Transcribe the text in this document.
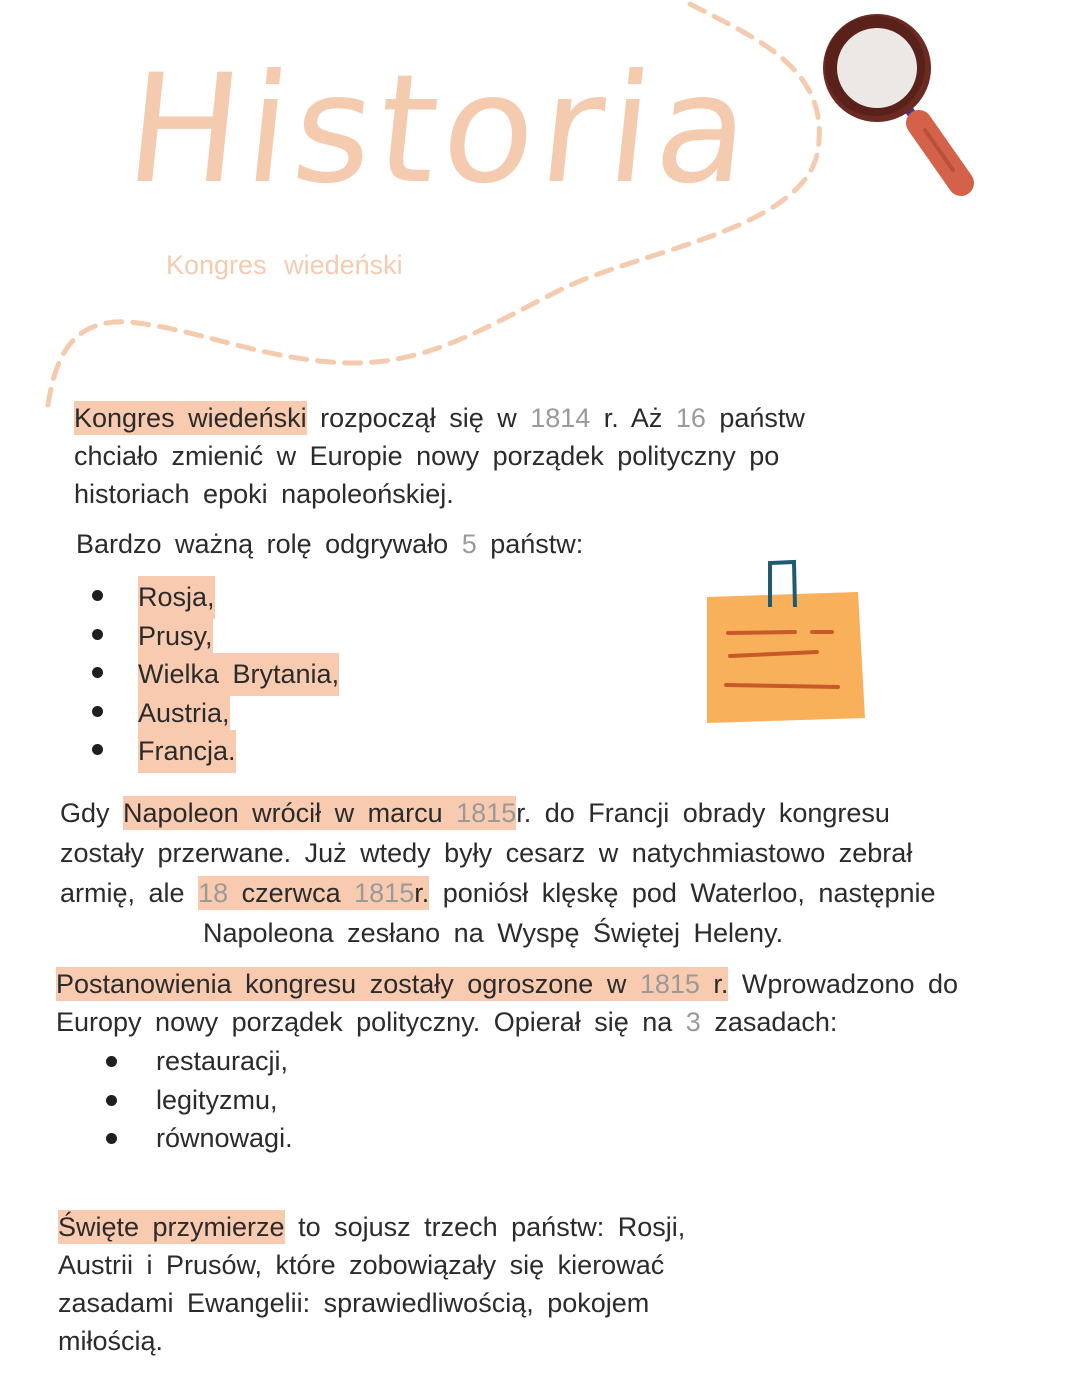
Historia
Kongres wiedeński

Kongres wiedeński rozpoczął się w 1814 r. Aż 16 państw chciało zmienić w Europie nowy porządek polityczny po historiach epoki napoleońskiej.

Bardzo ważną rolę odgrywało 5 państw:

Rosja,
Prusy,
Wielka Brytania,
Austria,
Francja.

Gdy Napoleon wrócił w marcu 1815r. do Francji obrady kongresu zostały przerwane. Już wtedy były cesarz w natychmiastowo zebrał armię, ale 18 czerwca 1815r. poniósł klęskę pod Waterloo, następnie
Napoleona zesłano na Wyspę Świętej Heleny.

Postanowienia kongresu zostały ogroszone w 1815 r. Wprowadzono do Europy nowy porządek polityczny. Opierał się na 3 zasadach:

restauracji,
legityzmu,
równowagi.

Święte przymierze to sojusz trzech państw: Rosji, Austrii i Prusów, które zobowiązały się kierować zasadami Ewangelii: sprawiedliwością, pokojem miłością.
